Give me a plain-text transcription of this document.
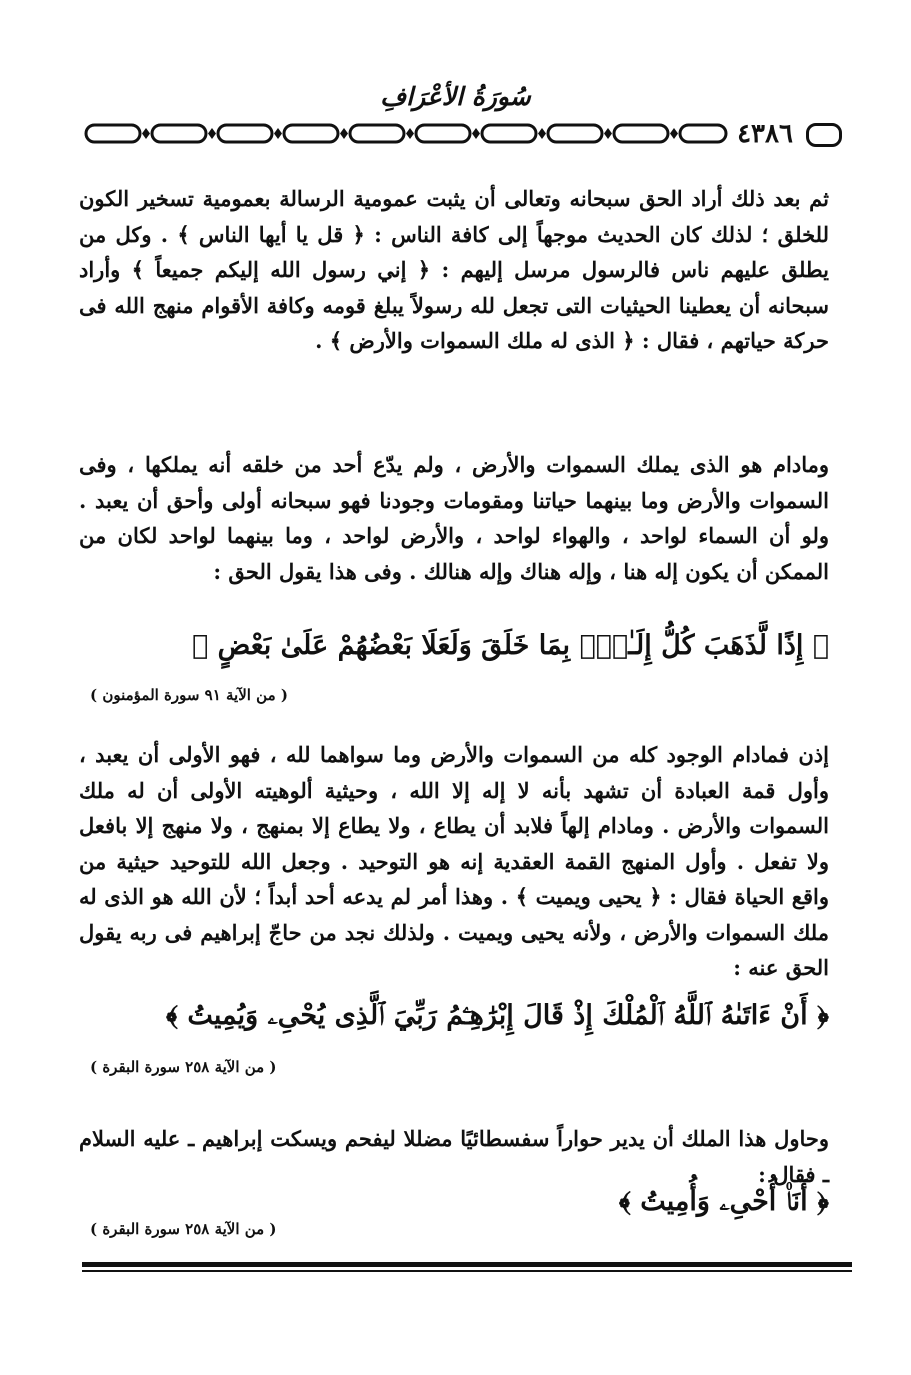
سُورَةُ الأعْرَافِ
٤٣٨٦

ثم بعد ذلك أراد الحق سبحانه وتعالى أن يثبت عمومية الرسالة بعمومية تسخير الكون للخلق ؛ لذلك كان الحديث موجهاً إلى كافة الناس : ﴿ قل يا أيها الناس ﴾ . وكل من يطلق عليهم ناس فالرسول مرسل إليهم : ﴿ إني رسول الله إليكم جميعاً ﴾ وأراد سبحانه أن يعطينا الحيثيات التى تجعل لله رسولاً يبلغ قومه وكافة الأقوام منهج الله فى حركة حياتهم ، فقال : ﴿ الذى له ملك السموات والأرض ﴾ .

ومادام هو الذى يملك السموات والأرض ، ولم يدّع أحد من خلقه أنه يملكها ، وفى السموات والأرض وما بينهما حياتنا ومقومات وجودنا فهو سبحانه أولى وأحق أن يعبد . ولو أن السماء لواحد ، والهواء لواحد ، والأرض لواحد ، وما بينهما لواحد لكان من الممكن أن يكون إله هنا ، وإله هناك وإله هنالك . وفى هذا يقول الحق :

﴿ إِذًا لَّذَهَبَ كُلُّ إِلَـٰهٍۭ بِمَا خَلَقَ وَلَعَلَا بَعْضُهُمْ عَلَىٰ بَعْضٍ ﴾
( من الآية ٩١ سورة المؤمنون )

إذن فمادام الوجود كله من السموات والأرض وما سواهما لله ، فهو الأولى أن يعبد ، وأول قمة العبادة أن تشهد بأنه لا إله إلا الله ، وحيثية ألوهيته الأولى أن له ملك السموات والأرض . ومادام إلهاً فلابد أن يطاع ، ولا يطاع إلا بمنهج ، ولا منهج إلا بافعل ولا تفعل . وأول المنهج القمة العقدية إنه هو التوحيد . وجعل الله للتوحيد حيثية من واقع الحياة فقال : ﴿ يحيى ويميت ﴾ . وهذا أمر لم يدعه أحد أبداً ؛ لأن الله هو الذى له ملك السموات والأرض ، ولأنه يحيى ويميت . ولذلك نجد من حاجّ إبراهيم فى ربه يقول الحق عنه :

﴿ أَنْ ءَاتَىٰهُ ٱللَّهُ ٱلْمُلْكَ إِذْ قَالَ إِبْرَٰهِـۧمُ رَبِّيَ ٱلَّذِى يُحْىِۦ وَيُمِيتُ ﴾
( من الآية ٢٥٨ سورة البقرة )

وحاول هذا الملك أن يدير حواراً سفسطائيًا مضللا ليفحم ويسكت إبراهيم ـ عليه السلام ـ فقال :

﴿ أَنَا۠ أُحْىِۦ وَأُمِيتُ ﴾
( من الآية ٢٥٨ سورة البقرة )
